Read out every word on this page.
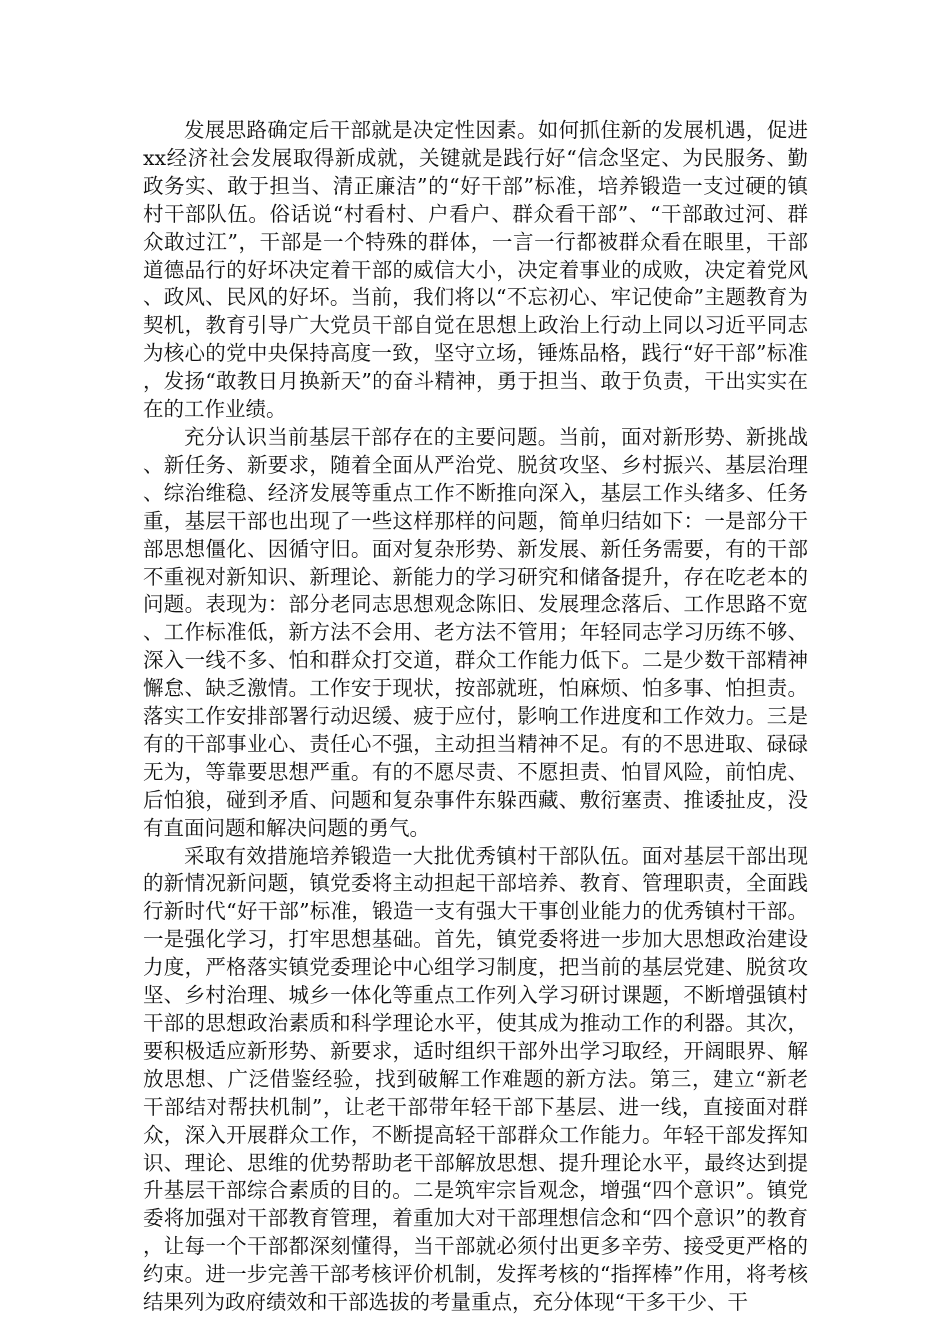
发展思路确定后干部就是决定性因素。如何抓住新的发展机遇，促进xx经济社会发展取得新成就，关键就是践行好“信念坚定、为民服务、勤政务实、敢于担当、清正廉洁”的“好干部”标准，培养锻造一支过硬的镇村干部队伍。俗话说“村看村、户看户、群众看干部”、“干部敢过河、群众敢过江”，干部是一个特殊的群体，一言一行都被群众看在眼里，干部道德品行的好坏决定着干部的威信大小，决定着事业的成败，决定着党风、政风、民风的好坏。当前，我们将以“不忘初心、牢记使命”主题教育为契机，教育引导广大党员干部自觉在思想上政治上行动上同以习近平同志为核心的党中央保持高度一致，坚守立场，锤炼品格，践行“好干部”标准，发扬“敢教日月换新天”的奋斗精神，勇于担当、敢于负责，干出实实在在的工作业绩。

充分认识当前基层干部存在的主要问题。当前，面对新形势、新挑战、新任务、新要求，随着全面从严治党、脱贫攻坚、乡村振兴、基层治理、综治维稳、经济发展等重点工作不断推向深入，基层工作头绪多、任务重，基层干部也出现了一些这样那样的问题，简单归结如下：一是部分干部思想僵化、因循守旧。面对复杂形势、新发展、新任务需要，有的干部不重视对新知识、新理论、新能力的学习研究和储备提升，存在吃老本的问题。表现为：部分老同志思想观念陈旧、发展理念落后、工作思路不宽、工作标准低，新方法不会用、老方法不管用；年轻同志学习历练不够、深入一线不多、怕和群众打交道，群众工作能力低下。二是少数干部精神懈怠、缺乏激情。工作安于现状，按部就班，怕麻烦、怕多事、怕担责。落实工作安排部署行动迟缓、疲于应付，影响工作进度和工作效力。三是有的干部事业心、责任心不强，主动担当精神不足。有的不思进取、碌碌无为，等靠要思想严重。有的不愿尽责、不愿担责、怕冒风险，前怕虎、后怕狼，碰到矛盾、问题和复杂事件东躲西藏、敷衍塞责、推诿扯皮，没有直面问题和解决问题的勇气。

采取有效措施培养锻造一大批优秀镇村干部队伍。面对基层干部出现的新情况新问题，镇党委将主动担起干部培养、教育、管理职责，全面践行新时代“好干部”标准，锻造一支有强大干事创业能力的优秀镇村干部。一是强化学习，打牢思想基础。首先，镇党委将进一步加大思想政治建设力度，严格落实镇党委理论中心组学习制度，把当前的基层党建、脱贫攻坚、乡村治理、城乡一体化等重点工作列入学习研讨课题，不断增强镇村干部的思想政治素质和科学理论水平，使其成为推动工作的利器。其次，要积极适应新形势、新要求，适时组织干部外出学习取经，开阔眼界、解放思想、广泛借鉴经验，找到破解工作难题的新方法。第三，建立“新老干部结对帮扶机制”，让老干部带年轻干部下基层、进一线，直接面对群众，深入开展群众工作，不断提高轻干部群众工作能力。年轻干部发挥知识、理论、思维的优势帮助老干部解放思想、提升理论水平，最终达到提升基层干部综合素质的目的。二是筑牢宗旨观念，增强“四个意识”。镇党委将加强对干部教育管理，着重加大对干部理想信念和“四个意识”的教育，让每一个干部都深刻懂得，当干部就必须付出更多辛劳、接受更严格的约束。进一步完善干部考核评价机制，发挥考核的“指挥棒”作用，将考核结果列为政府绩效和干部选拔的考量重点，充分体现“干多干少、干
